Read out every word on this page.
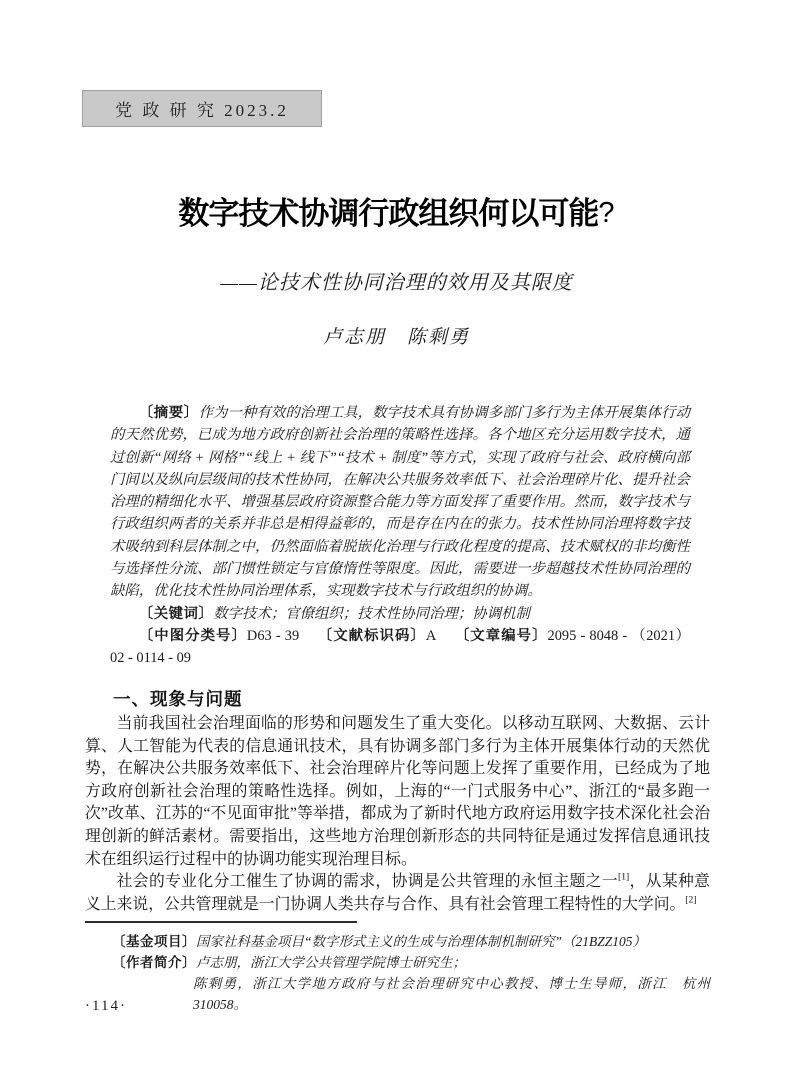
党 政 研 究 2023.2
数字技术协调行政组织何以可能?
——论技术性协同治理的效用及其限度
卢志朋　陈剩勇

〔摘要〕作为一种有效的治理工具，数字技术具有协调多部门多行为主体开展集体行动的天然优势，已成为地方政府创新社会治理的策略性选择。各个地区充分运用数字技术，通过创新“网络 + 网格”“线上 + 线下”“技术 + 制度”等方式，实现了政府与社会、政府横向部门间以及纵向层级间的技术性协同，在解决公共服务效率低下、社会治理碎片化、提升社会治理的精细化水平、增强基层政府资源整合能力等方面发挥了重要作用。然而，数字技术与行政组织两者的关系并非总是相得益彰的，而是存在内在的张力。技术性协同治理将数字技术吸纳到科层体制之中，仍然面临着脱嵌化治理与行政化程度的提高、技术赋权的非均衡性与选择性分流、部门惯性锁定与官僚惰性等限度。因此，需要进一步超越技术性协同治理的缺陷，优化技术性协同治理体系，实现数字技术与行政组织的协调。

〔关键词〕数字技术；官僚组织；技术性协同治理；协调机制

〔中图分类号〕D63 - 39 〔文献标识码〕A 〔文章编号〕2095 - 8048 - （2021） 02 - 0114 - 09

一、现象与问题

当前我国社会治理面临的形势和问题发生了重大变化。以移动互联网、大数据、云计算、人工智能为代表的信息通讯技术，具有协调多部门多行为主体开展集体行动的天然优势，在解决公共服务效率低下、社会治理碎片化等问题上发挥了重要作用，已经成为了地方政府创新社会治理的策略性选择。例如，上海的“一门式服务中心”、浙江的“最多跑一次”改革、江苏的“不见面审批”等举措，都成为了新时代地方政府运用数字技术深化社会治理创新的鲜活素材。需要指出，这些地方治理创新形态的共同特征是通过发挥信息通讯技术在组织运行过程中的协调功能实现治理目标。

社会的专业化分工催生了协调的需求，协调是公共管理的永恒主题之一[1]，从某种意义上来说，公共管理就是一门协调人类共存与合作、具有社会管理工程特性的大学问。[2]

〔基金项目〕国家社科基金项目“数字形式主义的生成与治理体制机制研究”（21BZZ105）

〔作者简介〕卢志朋，浙江大学公共管理学院博士研究生；

陈剩勇，浙江大学地方政府与社会治理研究中心教授、博士生导师，浙江　杭州　310058。

·114·
